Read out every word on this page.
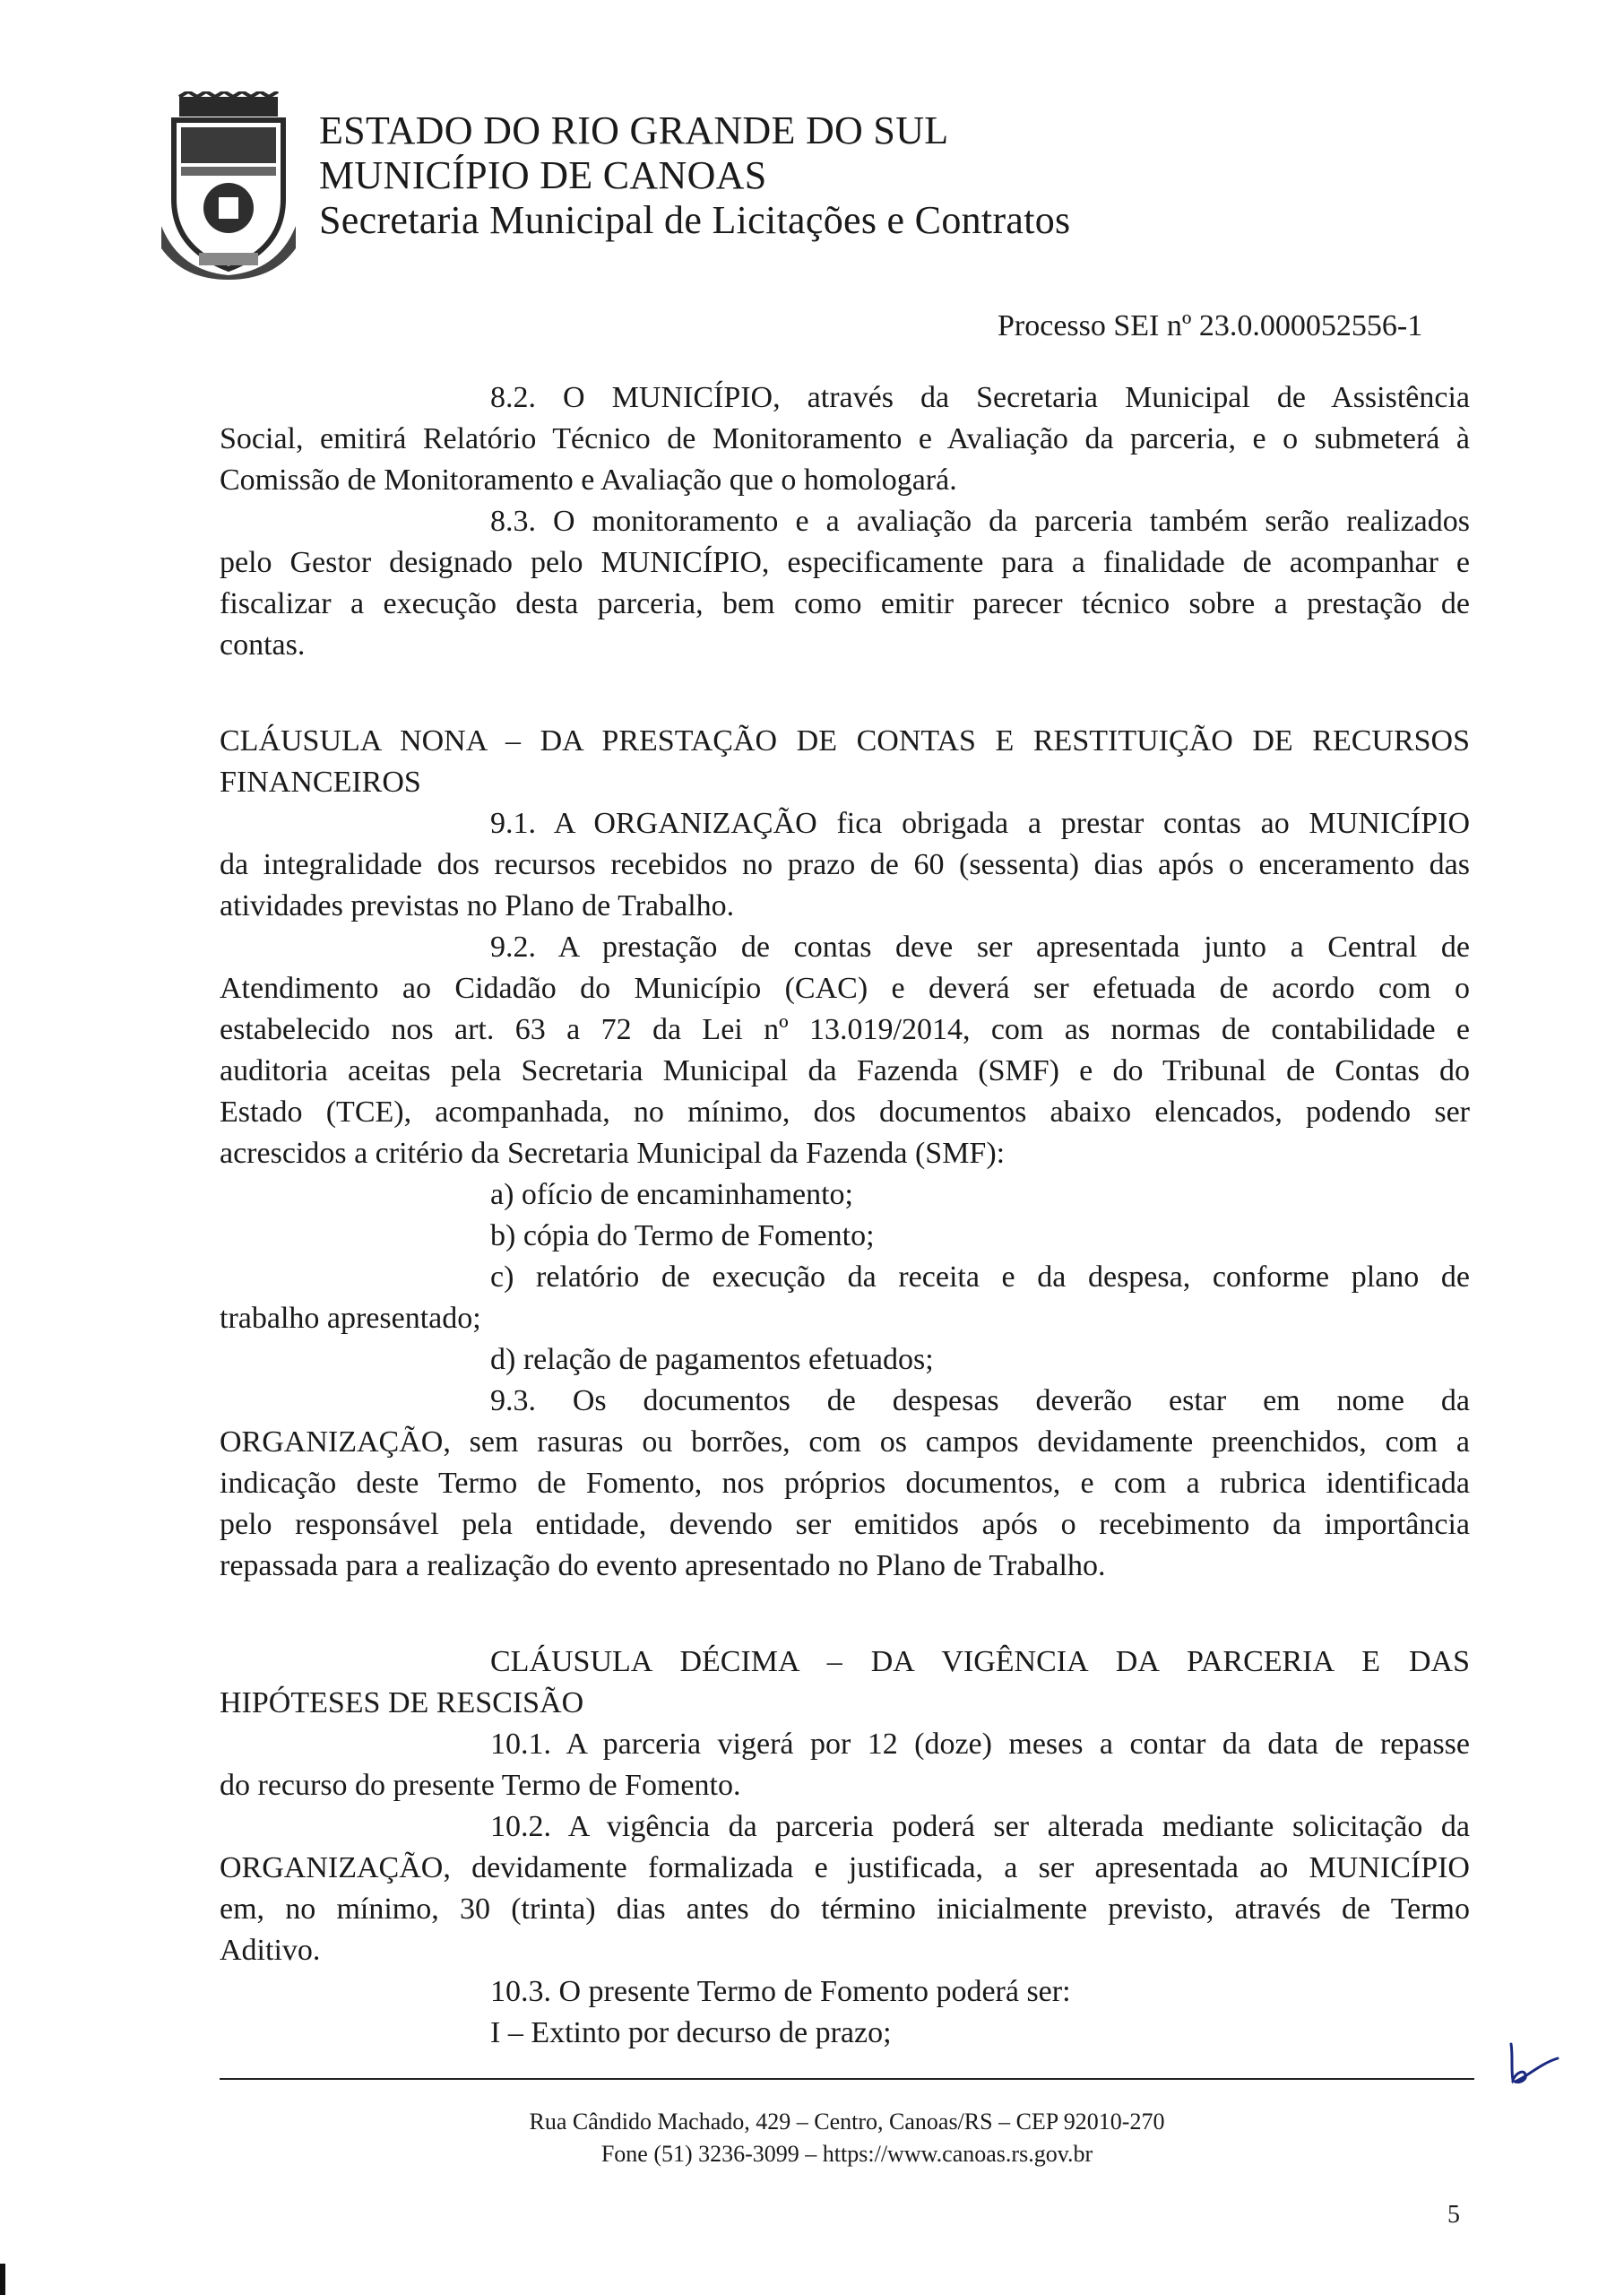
ESTADO DO RIO GRANDE DO SUL
MUNICÍPIO DE CANOAS
Secretaria Municipal de Licitações e Contratos
Processo SEI nº 23.0.000052556-1
8.2. O MUNICÍPIO, através da Secretaria Municipal de Assistência
Social, emitirá Relatório Técnico de Monitoramento e Avaliação da parceria, e o submeterá à
Comissão de Monitoramento e Avaliação que o homologará.
8.3. O monitoramento e a avaliação da parceria também serão realizados
pelo Gestor designado pelo MUNICÍPIO, especificamente para a finalidade de acompanhar e
fiscalizar a execução desta parceria, bem como emitir parecer técnico sobre a prestação de
contas.
CLÁUSULA NONA – DA PRESTAÇÃO DE CONTAS E RESTITUIÇÃO DE RECURSOS
FINANCEIROS
9.1. A ORGANIZAÇÃO fica obrigada a prestar contas ao MUNICÍPIO
da integralidade dos recursos recebidos no prazo de 60 (sessenta) dias após o enceramento das
atividades previstas no Plano de Trabalho.
9.2. A prestação de contas deve ser apresentada junto a Central de
Atendimento ao Cidadão do Município (CAC) e deverá ser efetuada de acordo com o
estabelecido nos art. 63 a 72 da Lei nº 13.019/2014, com as normas de contabilidade e
auditoria aceitas pela Secretaria Municipal da Fazenda (SMF) e do Tribunal de Contas do
Estado (TCE), acompanhada, no mínimo, dos documentos abaixo elencados, podendo ser
acrescidos a critério da Secretaria Municipal da Fazenda (SMF):
a) ofício de encaminhamento;
b) cópia do Termo de Fomento;
c) relatório de execução da receita e da despesa, conforme plano de
trabalho apresentado;
d) relação de pagamentos efetuados;
9.3. Os documentos de despesas deverão estar em nome da
ORGANIZAÇÃO, sem rasuras ou borrões, com os campos devidamente preenchidos, com a
indicação deste Termo de Fomento, nos próprios documentos, e com a rubrica identificada
pelo responsável pela entidade, devendo ser emitidos após o recebimento da importância
repassada para a realização do evento apresentado no Plano de Trabalho.
CLÁUSULA DÉCIMA – DA VIGÊNCIA DA PARCERIA E DAS
HIPÓTESES DE RESCISÃO
10.1. A parceria vigerá por 12 (doze) meses a contar da data de repasse
do recurso do presente Termo de Fomento.
10.2. A vigência da parceria poderá ser alterada mediante solicitação da
ORGANIZAÇÃO, devidamente formalizada e justificada, a ser apresentada ao MUNICÍPIO
em, no mínimo, 30 (trinta) dias antes do término inicialmente previsto, através de Termo
Aditivo.
10.3. O presente Termo de Fomento poderá ser:
I – Extinto por decurso de prazo;
Rua Cândido Machado, 429 – Centro, Canoas/RS – CEP 92010-270
Fone (51) 3236-3099 – https://www.canoas.rs.gov.br
5
